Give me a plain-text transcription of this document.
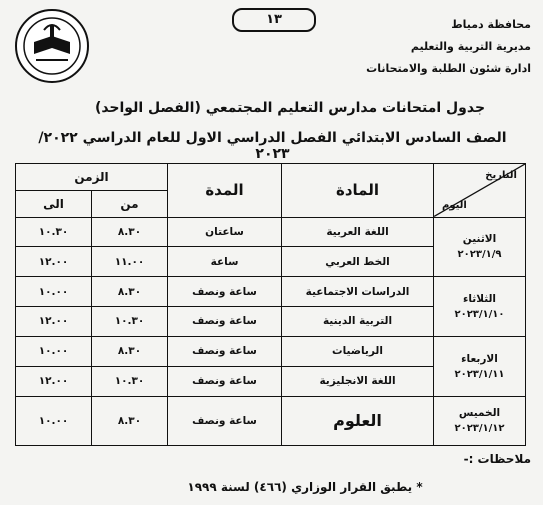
محافظة دمياط
مديرية التربية والتعليم
ادارة شئون الطلبة والامتحانات
١٣
جدول امتحانات مدارس التعليم المجتمعي (الفصل الواحد)
الصف السادس الابتدائي الفصل الدراسي الاول للعام الدراسي ٢٠٢٢/ ٢٠٢٣
التاريخ
اليوم	المادة	المدة	الزمن	
			من	الى

الاثنين
٢٠٢٣/١/٩	اللغة العربية	ساعتان	٨.٣٠	١٠.٣٠
	الخط العربي	ساعة	١١.٠٠	١٢.٠٠

الثلاثاء
٢٠٢٣/١/١٠	الدراسات الاجتماعية	ساعة ونصف	٨.٣٠	١٠.٠٠
	التربية الدينية	ساعة ونصف	١٠.٣٠	١٢.٠٠

الاربعاء
٢٠٢٣/١/١١	الرياضيات	ساعة ونصف	٨.٣٠	١٠.٠٠
	اللغة الانجليزية	ساعة ونصف	١٠.٣٠	١٢.٠٠

الخميس
٢٠٢٣/١/١٢	العلوم	ساعة ونصف	٨.٣٠	١٠.٠٠
ملاحظات :-
* يطبق القرار الوزاري (٤٦٦) لسنة ١٩٩٩
